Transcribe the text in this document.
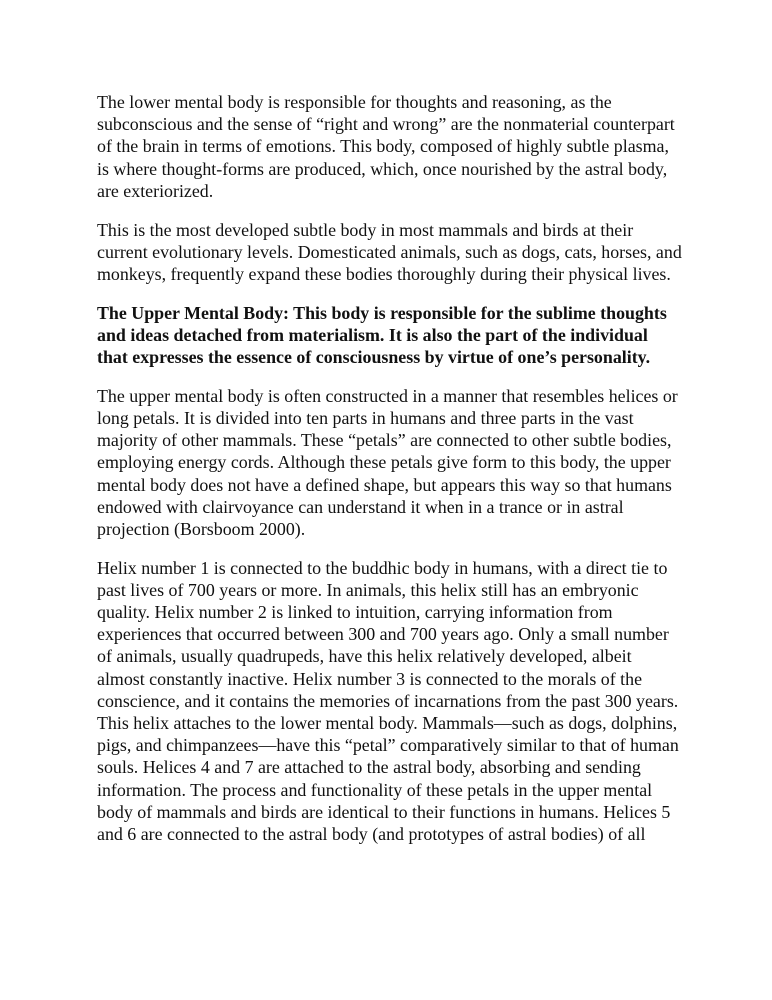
The lower mental body is responsible for thoughts and reasoning, as the subconscious and the sense of “right and wrong” are the nonmaterial counterpart of the brain in terms of emotions. This body, composed of highly subtle plasma, is where thought-forms are produced, which, once nourished by the astral body, are exteriorized.

This is the most developed subtle body in most mammals and birds at their current evolutionary levels. Domesticated animals, such as dogs, cats, horses, and monkeys, frequently expand these bodies thoroughly during their physical lives.

The Upper Mental Body: This body is responsible for the sublime thoughts and ideas detached from materialism. It is also the part of the individual that expresses the essence of consciousness by virtue of one’s personality.

The upper mental body is often constructed in a manner that resembles helices or long petals. It is divided into ten parts in humans and three parts in the vast majority of other mammals. These “petals” are connected to other subtle bodies, employing energy cords. Although these petals give form to this body, the upper mental body does not have a defined shape, but appears this way so that humans endowed with clairvoyance can understand it when in a trance or in astral projection (Borsboom 2000).

Helix number 1 is connected to the buddhic body in humans, with a direct tie to past lives of 700 years or more. In animals, this helix still has an embryonic quality. Helix number 2 is linked to intuition, carrying information from experiences that occurred between 300 and 700 years ago. Only a small number of animals, usually quadrupeds, have this helix relatively developed, albeit almost constantly inactive. Helix number 3 is connected to the morals of the conscience, and it contains the memories of incarnations from the past 300 years. This helix attaches to the lower mental body. Mammals—such as dogs, dolphins, pigs, and chimpanzees—have this “petal” comparatively similar to that of human souls. Helices 4 and 7 are attached to the astral body, absorbing and sending information. The process and functionality of these petals in the upper mental body of mammals and birds are identical to their functions in humans. Helices 5 and 6 are connected to the astral body (and prototypes of astral bodies) of all
